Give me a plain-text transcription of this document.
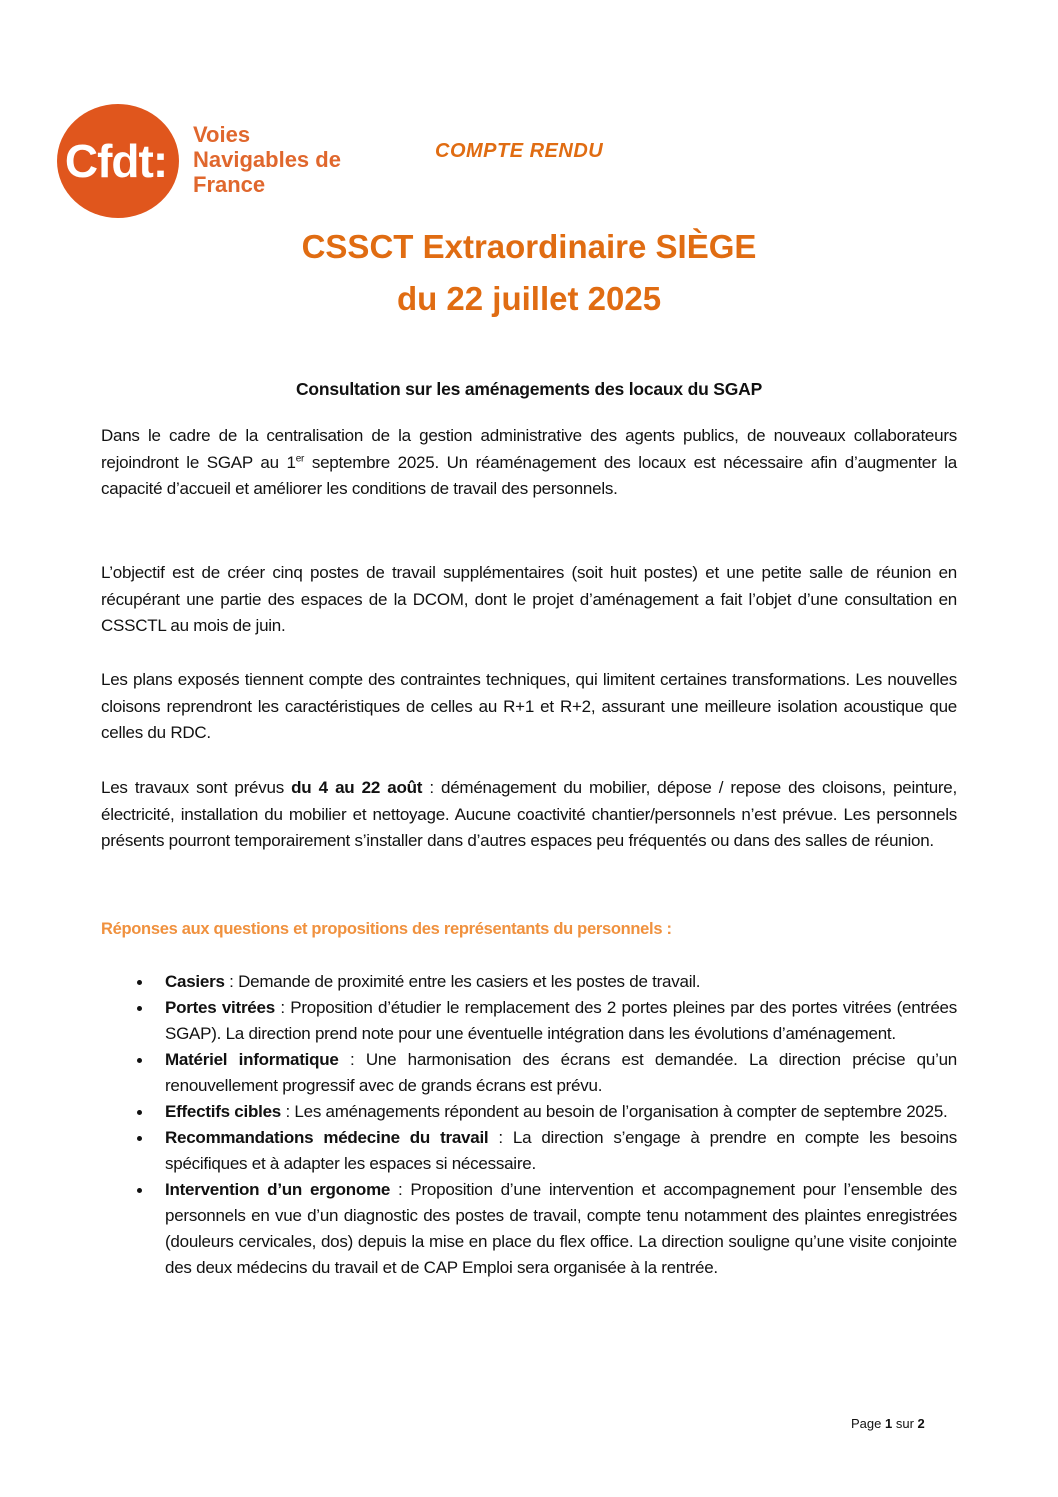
Cfdt:
Voies
Navigables de
France
COMPTE RENDU
CSSCT Extraordinaire SIÈGE
du 22 juillet 2025
Consultation sur les aménagements des locaux du SGAP
Dans le cadre de la centralisation de la gestion administrative des agents publics, de nouveaux collaborateurs rejoindront le SGAP au 1er septembre 2025. Un réaménagement des locaux est nécessaire afin d’augmenter la capacité d’accueil et améliorer les conditions de travail des personnels.
L’objectif est de créer cinq postes de travail supplémentaires (soit huit postes) et une petite salle de réunion en récupérant une partie des espaces de la DCOM, dont le projet d’aménagement a fait l’objet d’une consultation en CSSCTL au mois de juin.
Les plans exposés tiennent compte des contraintes techniques, qui limitent certaines transformations. Les nouvelles cloisons reprendront les caractéristiques de celles au R+1 et R+2, assurant une meilleure isolation acoustique que celles du RDC.
Les travaux sont prévus du 4 au 22 août : déménagement du mobilier, dépose / repose des cloisons, peinture, électricité, installation du mobilier et nettoyage. Aucune coactivité chantier/personnels n’est prévue. Les personnels présents pourront temporairement s’installer dans d’autres espaces peu fréquentés ou dans des salles de réunion.
Réponses aux questions et propositions des représentants du personnels :
Casiers : Demande de proximité entre les casiers et les postes de travail.
Portes vitrées : Proposition d’étudier le remplacement des 2 portes pleines par des portes vitrées (entrées SGAP). La direction prend note pour une éventuelle intégration dans les évolutions d’aménagement.
Matériel informatique : Une harmonisation des écrans est demandée. La direction précise qu’un renouvellement progressif avec de grands écrans est prévu.
Effectifs cibles : Les aménagements répondent au besoin de l’organisation à compter de septembre 2025.
Recommandations médecine du travail : La direction s’engage à prendre en compte les besoins spécifiques et à adapter les espaces si nécessaire.
Intervention d’un ergonome : Proposition d’une intervention et accompagnement pour l’ensemble des personnels en vue d’un diagnostic des postes de travail, compte tenu notamment des plaintes enregistrées (douleurs cervicales, dos) depuis la mise en place du flex office. La direction souligne qu’une visite conjointe des deux médecins du travail et de CAP Emploi sera organisée à la rentrée.
Page 1 sur 2
